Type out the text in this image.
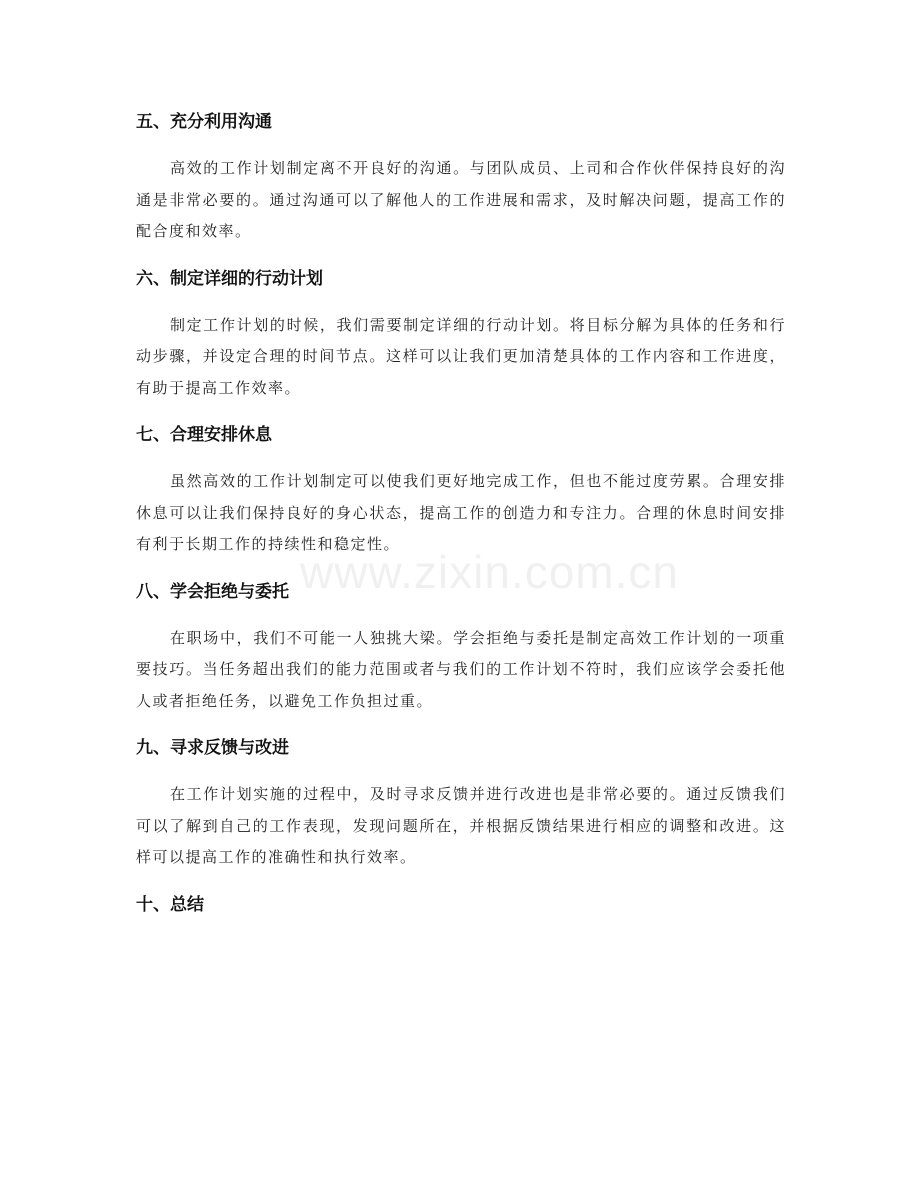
五、充分利用沟通

高效的工作计划制定离不开良好的沟通。与团队成员、上司和合作伙伴保持良好的沟通是非常必要的。通过沟通可以了解他人的工作进展和需求，及时解决问题，提高工作的配合度和效率。

六、制定详细的行动计划

制定工作计划的时候，我们需要制定详细的行动计划。将目标分解为具体的任务和行动步骤，并设定合理的时间节点。这样可以让我们更加清楚具体的工作内容和工作进度，有助于提高工作效率。

七、合理安排休息

虽然高效的工作计划制定可以使我们更好地完成工作，但也不能过度劳累。合理安排休息可以让我们保持良好的身心状态，提高工作的创造力和专注力。合理的休息时间安排有利于长期工作的持续性和稳定性。

八、学会拒绝与委托

在职场中，我们不可能一人独挑大梁。学会拒绝与委托是制定高效工作计划的一项重要技巧。当任务超出我们的能力范围或者与我们的工作计划不符时，我们应该学会委托他人或者拒绝任务，以避免工作负担过重。

九、寻求反馈与改进

在工作计划实施的过程中，及时寻求反馈并进行改进也是非常必要的。通过反馈我们可以了解到自己的工作表现，发现问题所在，并根据反馈结果进行相应的调整和改进。这样可以提高工作的准确性和执行效率。

十、总结
www.zixin.com.cn
